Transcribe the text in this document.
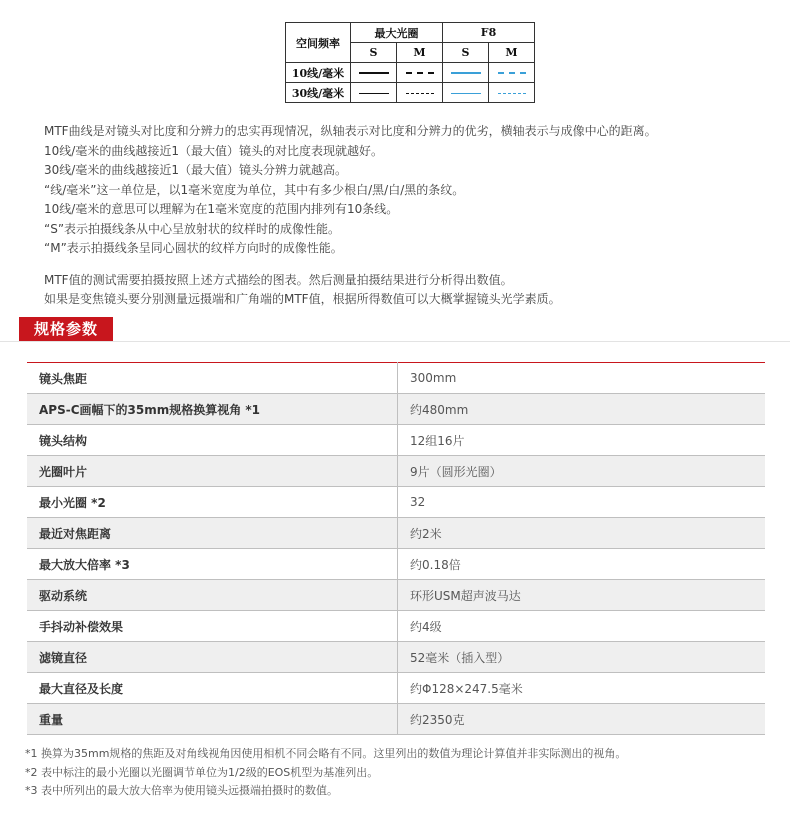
空间频率	最大光圈		F8	
	S	M	S	M
10线/毫米				
30线/毫米				

MTF曲线是对镜头对比度和分辨力的忠实再现情况，纵轴表示对比度和分辨力的优劣，横轴表示与成像中心的距离。

10线/毫米的曲线越接近1（最大值）镜头的对比度表现就越好。

30线/毫米的曲线越接近1（最大值）镜头分辨力就越高。

“线/毫米”这一单位是，以1毫米宽度为单位，其中有多少根白/黑/白/黑的条纹。

10线/毫米的意思可以理解为在1毫米宽度的范围内排列有10条线。

“S”表示拍摄线条从中心呈放射状的纹样时的成像性能。

“M”表示拍摄线条呈同心圆状的纹样方向时的成像性能。

MTF值的测试需要拍摄按照上述方式描绘的图表。然后测量拍摄结果进行分析得出数值。

如果是变焦镜头要分别测量远摄端和广角端的MTF值，根据所得数值可以大概掌握镜头光学素质。

规格参数
镜头焦距	300mm
APS-C画幅下的35mm规格换算视角 *1	约480mm
镜头结构	12组16片
光圈叶片	9片（圆形光圈）
最小光圈 *2	32
最近对焦距离	约2米
最大放大倍率 *3	约0.18倍
驱动系统	环形USM超声波马达
手抖动补偿效果	约4级
滤镜直径	52毫米（插入型）
最大直径及长度	约Φ128×247.5毫米
重量	约2350克

*1 换算为35mm规格的焦距及对角线视角因使用相机不同会略有不同。这里列出的数值为理论计算值并非实际测出的视角。

*2 表中标注的最小光圈以光圈调节单位为1/2级的EOS机型为基准列出。

*3 表中所列出的最大放大倍率为使用镜头远摄端拍摄时的数值。
